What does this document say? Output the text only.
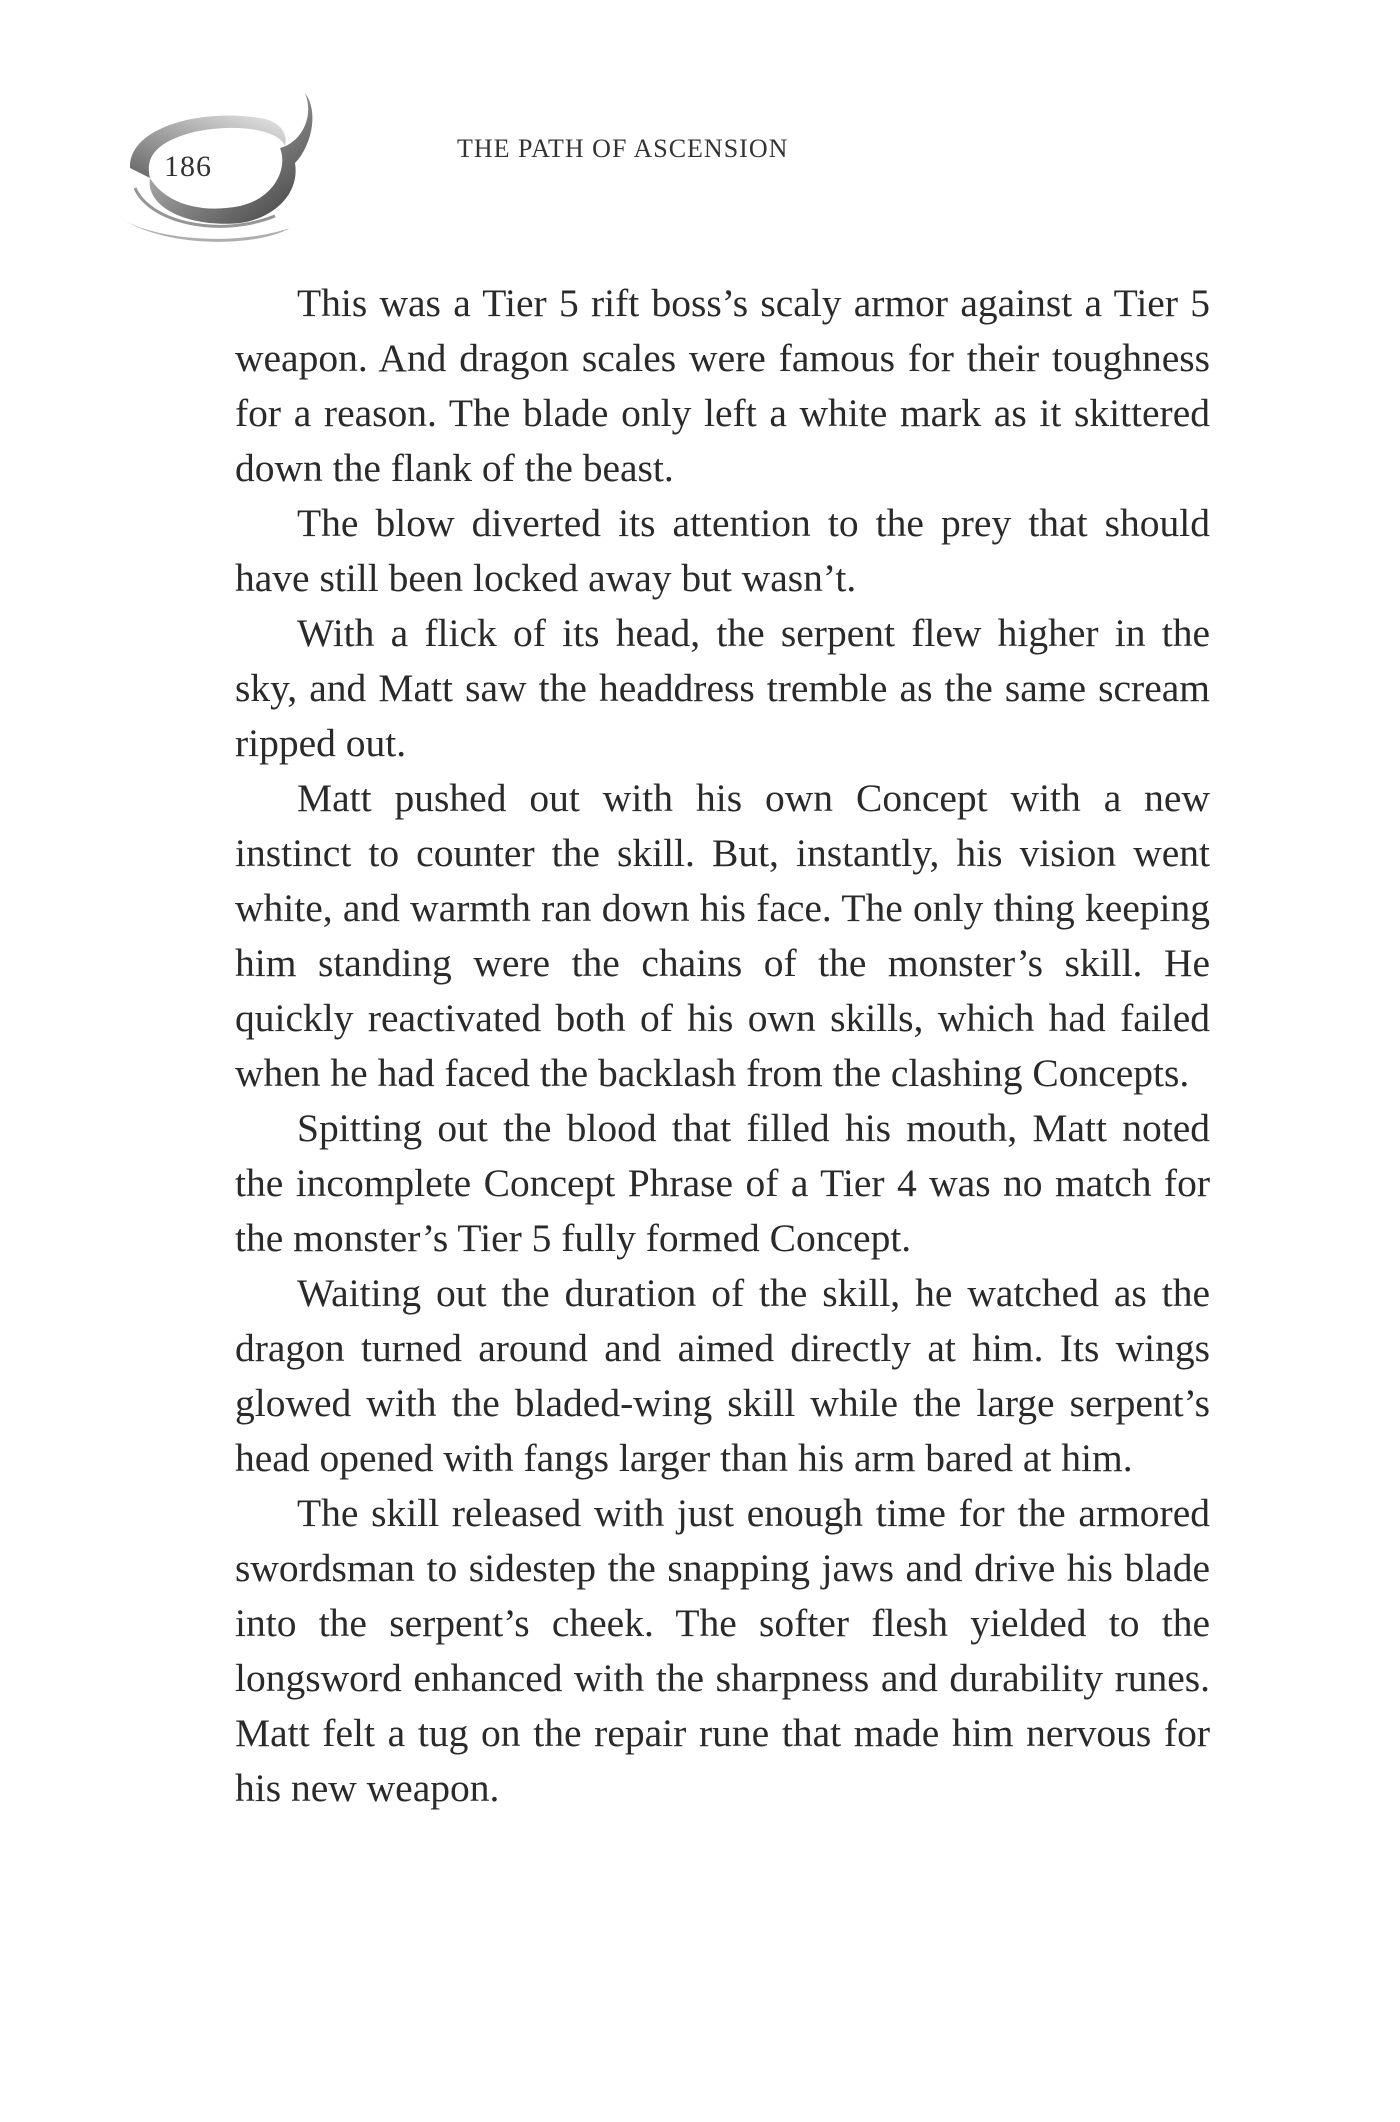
186
THE PATH OF ASCENSION

This was a Tier 5 rift boss’s scaly armor against a Tier 5 weapon. And dragon scales were famous for their toughness for a reason. The blade only left a white mark as it skittered down the flank of the beast.

The blow diverted its attention to the prey that should have still been locked away but wasn’t.

With a flick of its head, the serpent flew higher in the sky, and Matt saw the headdress tremble as the same scream ripped out.

Matt pushed out with his own Concept with a new instinct to counter the skill. But, instantly, his vision went white, and warmth ran down his face. The only thing keeping him standing were the chains of the monster’s skill. He quickly reactivated both of his own skills, which had failed when he had faced the backlash from the clashing Concepts.

Spitting out the blood that filled his mouth, Matt noted the incomplete Concept Phrase of a Tier 4 was no match for the monster’s Tier 5 fully formed Concept.

Waiting out the duration of the skill, he watched as the dragon turned around and aimed directly at him. Its wings glowed with the bladed-wing skill while the large serpent’s head opened with fangs larger than his arm bared at him.

The skill released with just enough time for the armored swordsman to sidestep the snapping jaws and drive his blade into the serpent’s cheek. The softer flesh yielded to the longsword enhanced with the sharpness and durability runes. Matt felt a tug on the repair rune that made him nervous for his new weapon.
